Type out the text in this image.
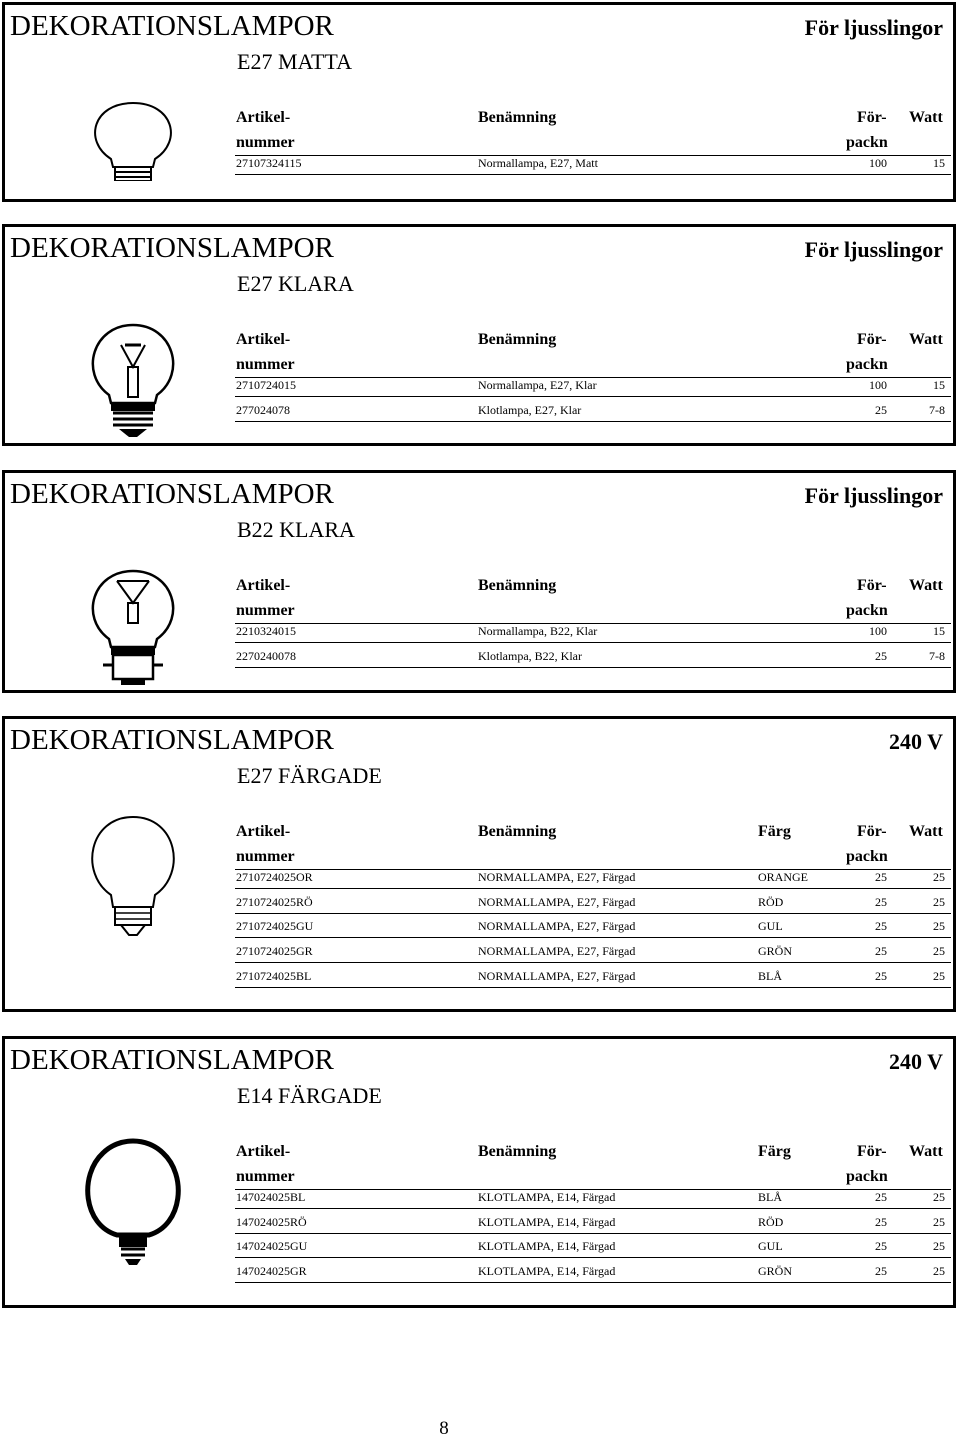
DEKORATIONSLAMPOR	För ljusslingor
E27 MATTA
Artikel-
nummer
Benämning	För-
packn
Watt
27107324115	Normallampa, E27, Matt	100	15
DEKORATIONSLAMPOR	För ljusslingor
E27 KLARA
Artikel-
nummer
Benämning	För-
packn
Watt
2710724015	Normallampa, E27, Klar	100	15
277024078	Klotlampa, E27, Klar	25	7-8
DEKORATIONSLAMPOR	För ljusslingor
B22 KLARA
Artikel-
nummer
Benämning	För-
packn
Watt
2210324015	Normallampa, B22, Klar	100	15
2270240078	Klotlampa, B22, Klar	25	7-8
DEKORATIONSLAMPOR	240 V
E27 FÄRGADE
Artikel-
nummer
Benämning	Färg	För-
packn
Watt
2710724025OR	NORMALLAMPA, E27, Färgad	ORANGE	25	25
2710724025RÖ	NORMALLAMPA, E27, Färgad	RÖD	25	25
2710724025GU	NORMALLAMPA, E27, Färgad	GUL	25	25
2710724025GR	NORMALLAMPA, E27, Färgad	GRÖN	25	25
2710724025BL	NORMALLAMPA, E27, Färgad	BLÅ	25	25
DEKORATIONSLAMPOR	240 V
E14 FÄRGADE
Artikel-
nummer
Benämning	Färg	För-
packn
Watt
147024025BL	KLOTLAMPA, E14, Färgad	BLÅ	25	25
147024025RÖ	KLOTLAMPA, E14, Färgad	RÖD	25	25
147024025GU	KLOTLAMPA, E14, Färgad	GUL	25	25
147024025GR	KLOTLAMPA, E14, Färgad	GRÖN	25	25
8
